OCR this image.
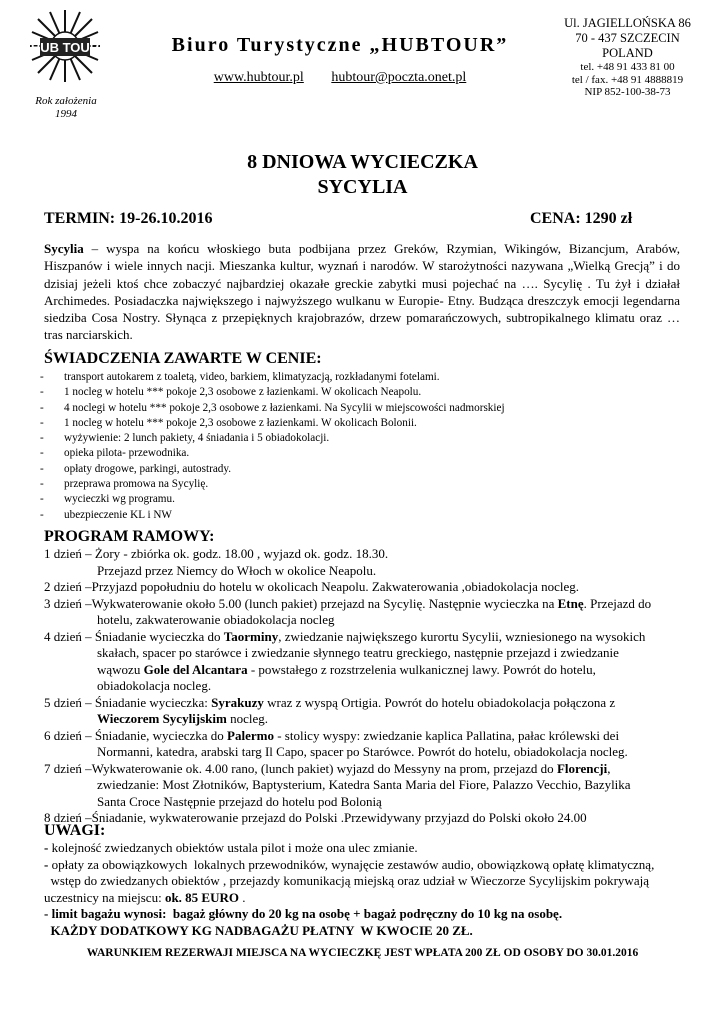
HUB TOUR
Rok założenia
1994
Biuro Turystyczne „HUBTOUR”
www.hubtour.pl hubtour@poczta.onet.pl
Ul. JAGIELLOŃSKA 86
70 - 437 SZCZECIN
POLAND
tel. +48 91 433 81 00
tel / fax. +48 91 4888819
NIP 852-100-38-73
8 DNIOWA WYCIECZKA
SYCYLIA
TERMIN: 19-26.10.2016	CENA: 1290 zł
Sycylia – wyspa na końcu włoskiego buta podbijana przez Greków, Rzymian, Wikingów, Bizancjum, Arabów, Hiszpanów i wiele innych nacji. Mieszanka kultur, wyznań i narodów. W starożytności nazywana „Wielką Grecją” i do dzisiaj jeżeli ktoś chce zobaczyć najbardziej okazałe greckie zabytki musi pojechać na …. Sycylię . Tu żył i działał Archimedes. Posiadaczka największego i najwyższego wulkanu w Europie- Etny. Budząca dreszczyk emocji legendarna siedziba Cosa Nostry. Słynąca z przepięknych krajobrazów, drzew pomarańczowych, subtropikalnego klimatu oraz … tras narciarskich.
ŚWIADCZENIA ZAWARTE W CENIE:
- transport autokarem z toaletą, video, barkiem, klimatyzacją, rozkładanymi fotelami.
- 1 nocleg w hotelu *** pokoje 2,3 osobowe z łazienkami. W okolicach Neapolu.
- 4 noclegi w hotelu *** pokoje 2,3 osobowe z łazienkami. Na Sycylii w miejscowości nadmorskiej
- 1 nocleg w hotelu *** pokoje 2,3 osobowe z łazienkami. W okolicach Bolonii.
- wyżywienie: 2 lunch pakiety, 4 śniadania i 5 obiadokolacji.
- opieka pilota- przewodnika.
- opłaty drogowe, parkingi, autostrady.
- przeprawa promowa na Sycylię.
- wycieczki wg programu.
- ubezpieczenie KL i NW
PROGRAM RAMOWY:
1 dzień – Żory - zbiórka ok. godz. 18.00 , wyjazd ok. godz. 18.30.
Przejazd przez Niemcy do Włoch w okolice Neapolu.
2 dzień –Przyjazd popołudniu do hotelu w okolicach Neapolu. Zakwaterowania ,obiadokolacja nocleg.
3 dzień –Wykwaterowanie około 5.00 (lunch pakiet) przejazd na Sycylię. Następnie wycieczka na Etnę. Przejazd do
hotelu, zakwaterowanie obiadokolacja nocleg
4 dzień – Śniadanie wycieczka do Taorminy, zwiedzanie największego kurortu Sycylii, wzniesionego na wysokich
skałach, spacer po starówce i zwiedzanie słynnego teatru greckiego, następnie przejazd i zwiedzanie
wąwozu Gole del Alcantara - powstałego z rozstrzelenia wulkanicznej lawy. Powrót do hotelu,
obiadokolacja nocleg.
5 dzień – Śniadanie wycieczka: Syrakuzy wraz z wyspą Ortigia. Powrót do hotelu obiadokolacja połączona z
Wieczorem Sycylijskim nocleg.
6 dzień – Śniadanie, wycieczka do Palermo - stolicy wyspy: zwiedzanie kaplica Pallatina, pałac królewski dei
Normanni, katedra, arabski targ Il Capo, spacer po Starówce. Powrót do hotelu, obiadokolacja nocleg.
7 dzień –Wykwaterowanie ok. 4.00 rano, (lunch pakiet) wyjazd do Messyny na prom, przejazd do Florencji,
zwiedzanie: Most Złotników, Baptysterium, Katedra Santa Maria del Fiore, Palazzo Vecchio, Bazylika
Santa Croce Następnie przejazd do hotelu pod Bolonią
8 dzień –Śniadanie, wykwaterowanie przejazd do Polski .Przewidywany przyjazd do Polski około 24.00
UWAGI:
- kolejność zwiedzanych obiektów ustala pilot i może ona ulec zmianie.
- opłaty za obowiązkowych  lokalnych przewodników, wynajęcie zestawów audio, obowiązkową opłatę klimatyczną,
wstęp do zwiedzanych obiektów , przejazdy komunikacją miejską oraz udział w Wieczorze Sycylijskim pokrywają
uczestnicy na miejscu: ok. 85 EURO .
- limit bagażu wynosi:  bagaż główny do 20 kg na osobę + bagaż podręczny do 10 kg na osobę.
KAŻDY DODATKOWY KG NADBAGAŻU PŁATNY  W KWOCIE 20 ZŁ.
WARUNKIEM REZERWAJI MIEJSCA NA WYCIECZKĘ JEST WPŁATA 200 ZŁ OD OSOBY DO 30.01.2016
